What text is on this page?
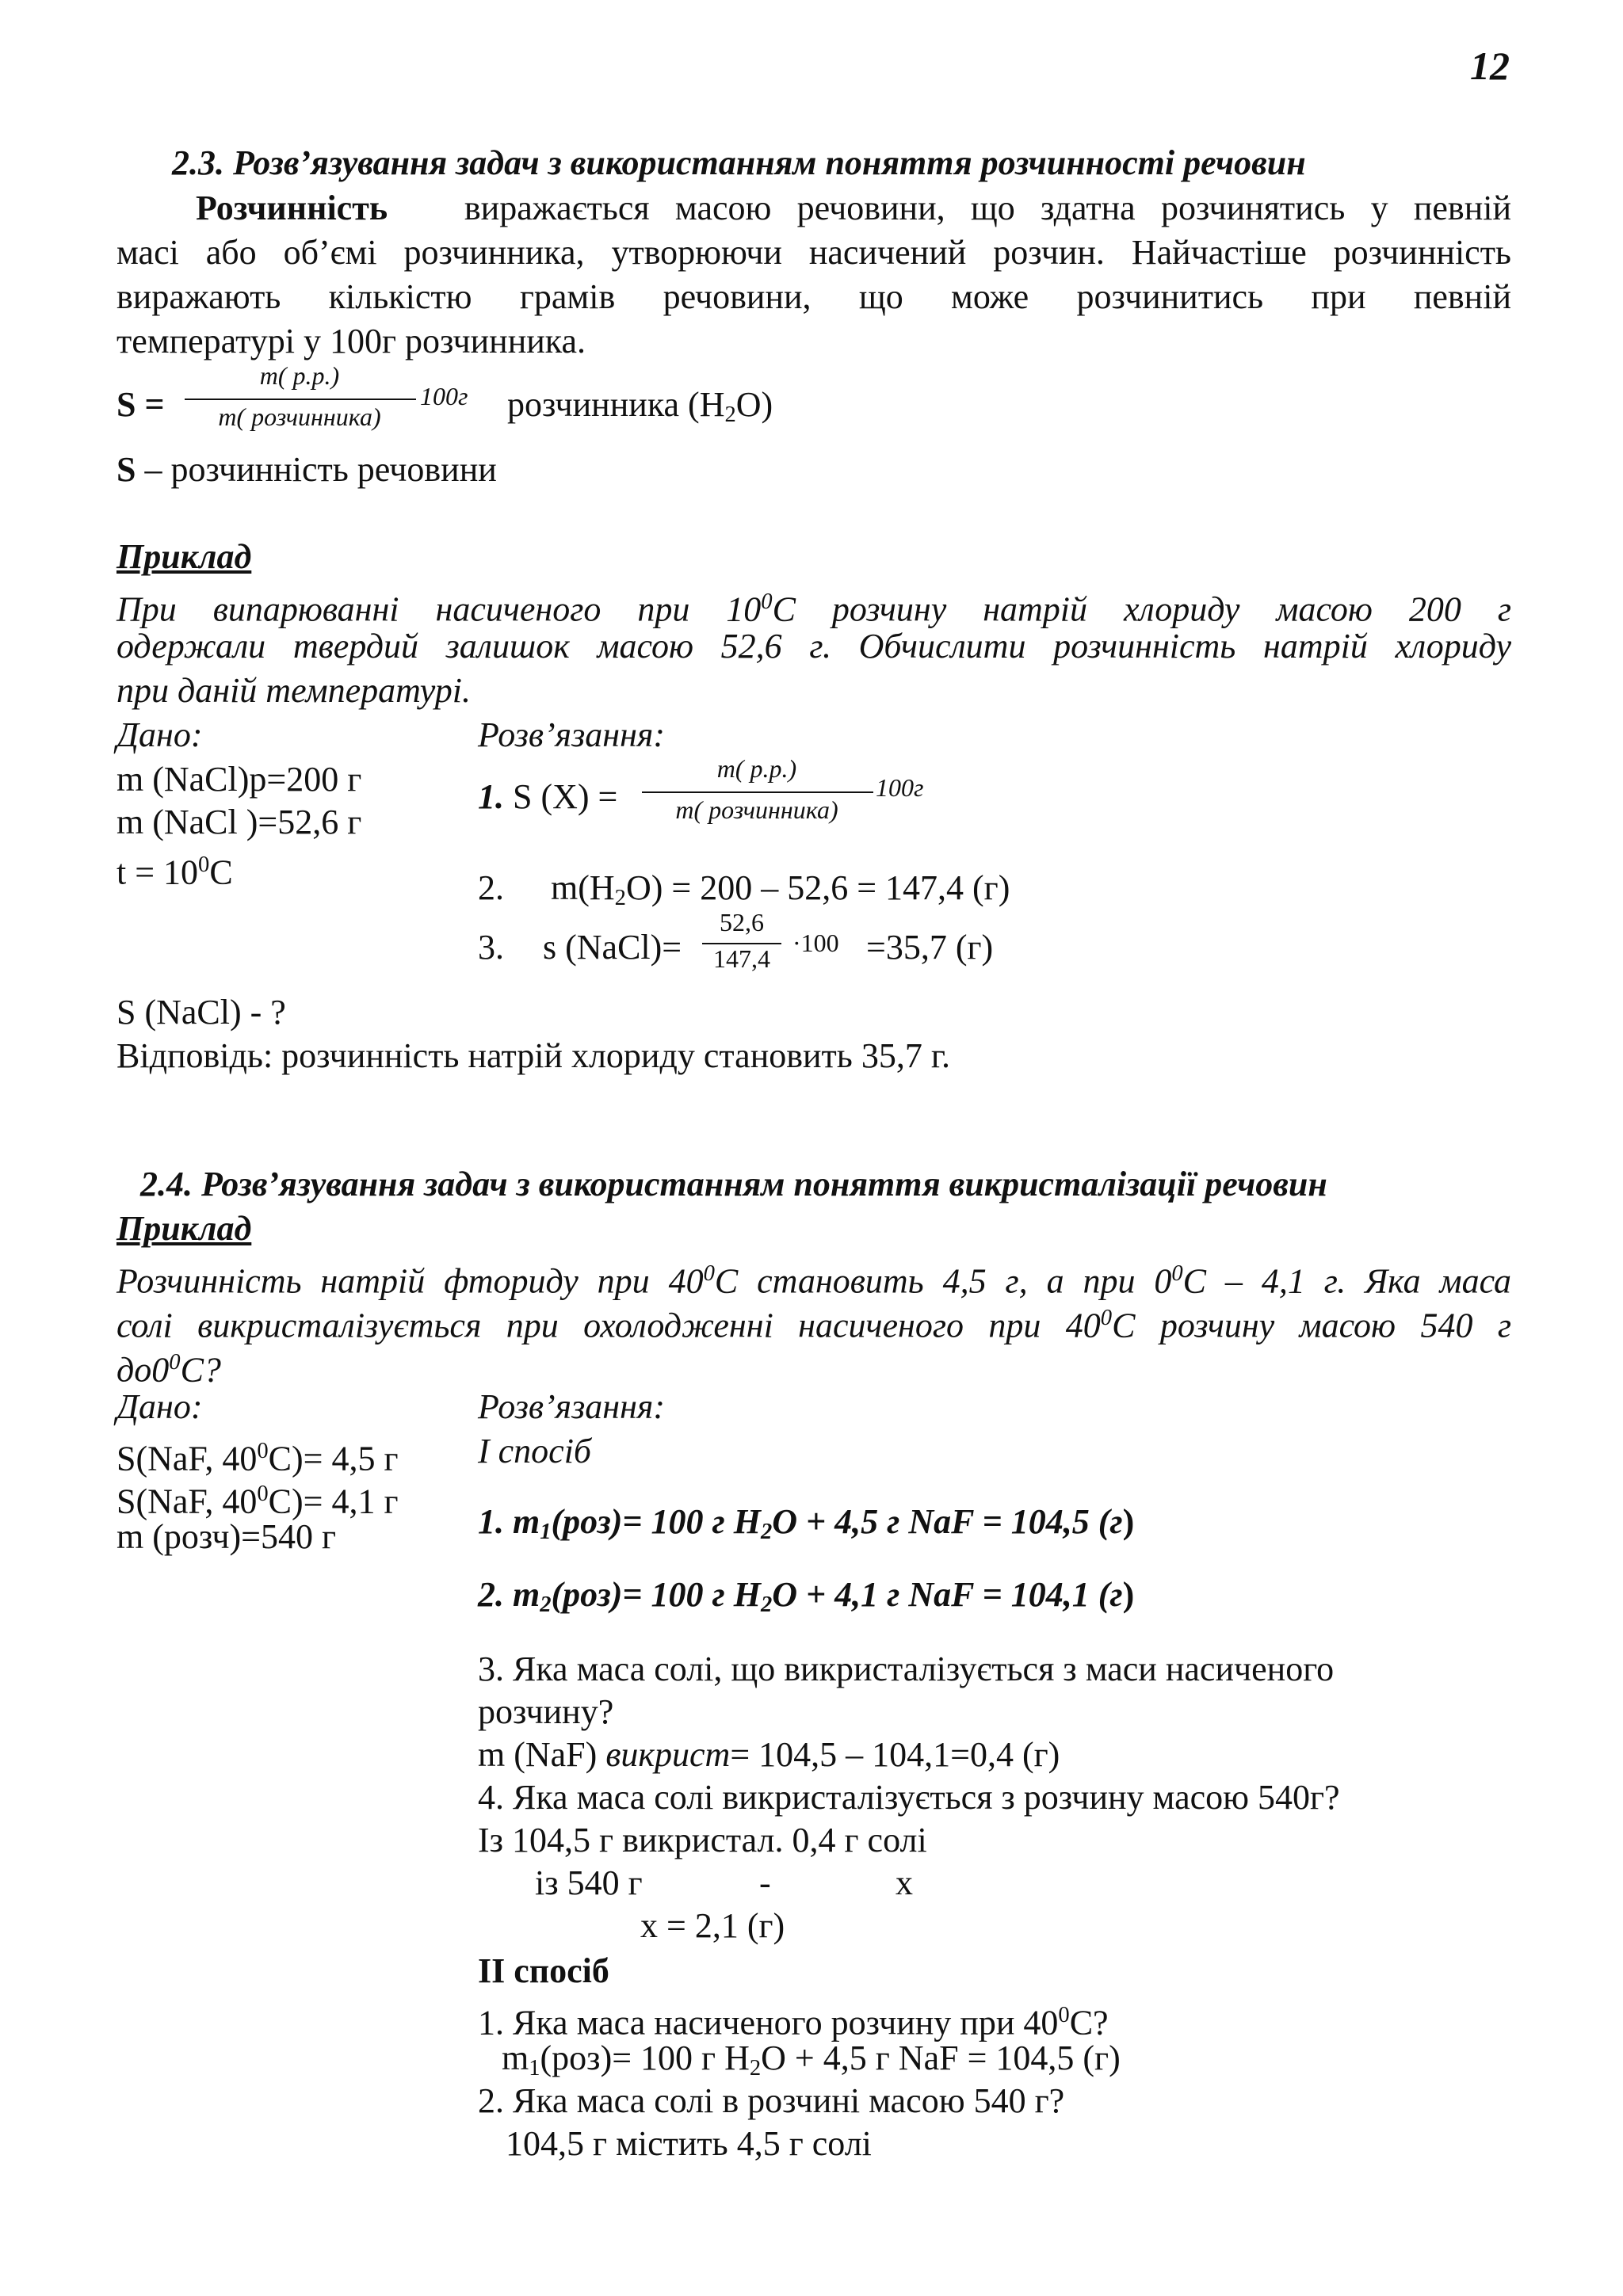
12
2.3. Розв’язування задач з використанням поняття розчинності речовин
Розчинність виражається масою речовини, що здатна розчинятись у певній
масі або об’ємі розчинника, утворюючи насичений розчин. Найчастіше розчинність
виражають кількістю грамів речовини, що може розчинитись при певній
температурі у 100г розчинника.
S =
m( р.р.)
m( розчинника)
100г розчинника $(H_2O)$
S – розчинність речовини
Приклад
При випарюванні насиченого при $10^0С$ розчину натрій хлориду масою 200 г
одержали твердий залишок масою 52,6 г. Обчислити розчинність натрій хлориду
при даній температурі.
Дано:	Розв’язання:
m (NaCl)р=200 г
m (NaCl )=52,6 г
$t = 10^0C$
1. S (X) =
m( р.р.)
m( розчинника)
100г
2. $m(H_2O) = 200 - 52,6 = 147,4$ (г)
3. s (NaCl)=
52,6
147,4
·100 =35,7 (г)
S (NaCl) - ?
Відповідь: розчинність натрій хлориду становить 35,7 г.
2.4. Розв’язування задач з використанням поняття викристалізації речовин
Приклад
Розчинність натрій фториду при $40^0С$ становить 4,5 г, а при $0^0С - 4,1$ г. Яка маса
солі викристалізується при охолодженні насиченого при $40^0С$ розчину масою 540 г
$до0^0С$?
Дано:	Розв’язання:
S(NaF, $40^0C)= 4,5$ г
S(NaF, $40^0C)= 4,1$ г
m (розч)=540 г
І спосіб
1. $m_1(роз)= 100$ г $H_2O + 4,5$ г NaF = 104,5 (г)
2. $m_2(роз)= 100$ г $H_2O + 4,1$ г NaF = 104,1 (г)
3. Яка маса солі, що викристалізується з маси насиченого
розчину?
m (NaF) викрист= 104,5 – 104,1=0,4 (г)
4. Яка маса солі викристалізується з розчину масою 540г?
Із 104,5 г викристал. 0,4 г солі
із 540 г	-	х
х = 2,1 (г)
ІІ спосіб
1. Яка маса насиченого розчину при $40^0С$?
$m_1(роз)= 100$ г $H_2O + 4,5$ г NaF = 104,5 (г)
2. Яка маса солі в розчині масою 540 г?
104,5 г містить 4,5 г солі
